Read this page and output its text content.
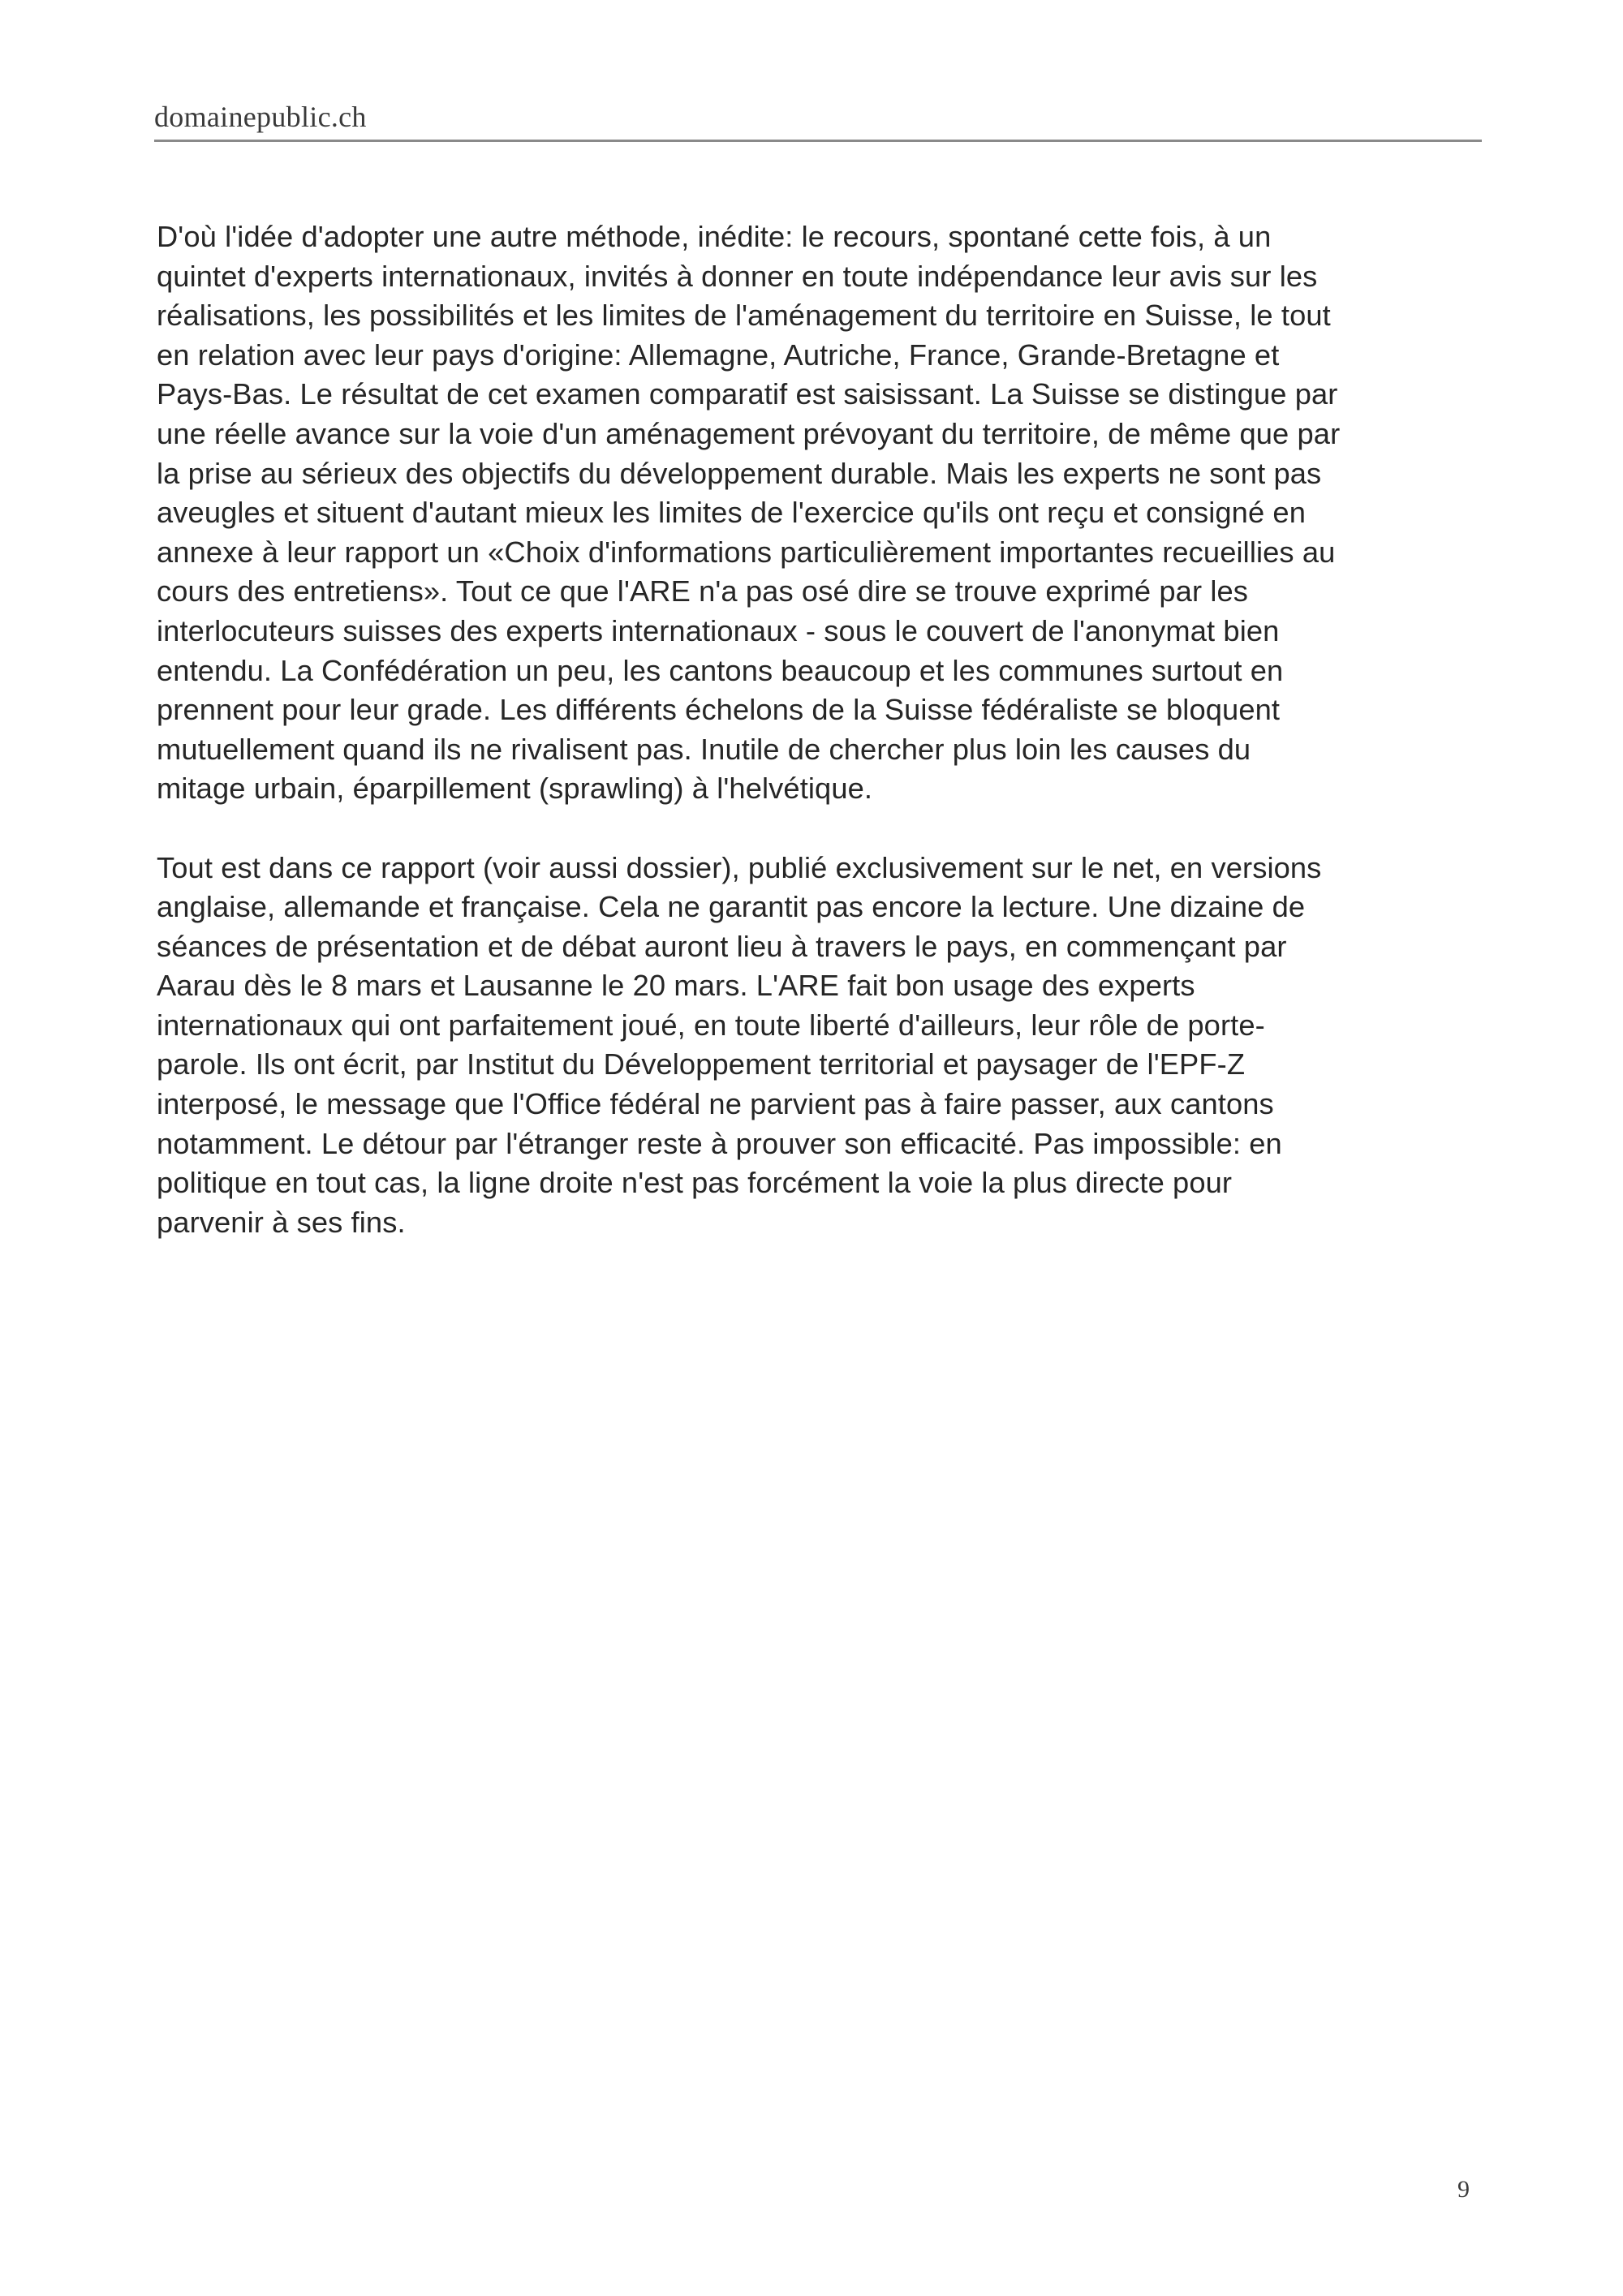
domainepublic.ch
D'où l'idée d'adopter une autre méthode, inédite: le recours, spontané cette fois, à un
quintet d'experts internationaux, invités à donner en toute indépendance leur avis sur les
réalisations, les possibilités et les limites de l'aménagement du territoire en Suisse, le tout
en relation avec leur pays d'origine: Allemagne, Autriche, France, Grande-Bretagne et
Pays-Bas. Le résultat de cet examen comparatif est saisissant. La Suisse se distingue par
une réelle avance sur la voie d'un aménagement prévoyant du territoire, de même que par
la prise au sérieux des objectifs du développement durable. Mais les experts ne sont pas
aveugles et situent d'autant mieux les limites de l'exercice qu'ils ont reçu et consigné en
annexe à leur rapport un «Choix d'informations particulièrement importantes recueillies au
cours des entretiens». Tout ce que l'ARE n'a pas osé dire se trouve exprimé par les
interlocuteurs suisses des experts internationaux - sous le couvert de l'anonymat bien
entendu. La Confédération un peu, les cantons beaucoup et les communes surtout en
prennent pour leur grade. Les différents échelons de la Suisse fédéraliste se bloquent
mutuellement quand ils ne rivalisent pas. Inutile de chercher plus loin les causes du
mitage urbain, éparpillement (sprawling) à l'helvétique.
Tout est dans ce rapport (voir aussi dossier), publié exclusivement sur le net, en versions
anglaise, allemande et française. Cela ne garantit pas encore la lecture. Une dizaine de
séances de présentation et de débat auront lieu à travers le pays, en commençant par
Aarau dès le 8 mars et Lausanne le 20 mars. L'ARE fait bon usage des experts
internationaux qui ont parfaitement joué, en toute liberté d'ailleurs, leur rôle de porte-
parole. Ils ont écrit, par Institut du Développement territorial et paysager de l'EPF-Z
interposé, le message que l'Office fédéral ne parvient pas à faire passer, aux cantons
notamment. Le détour par l'étranger reste à prouver son efficacité. Pas impossible: en
politique en tout cas, la ligne droite n'est pas forcément la voie la plus directe pour
parvenir à ses fins.
9
